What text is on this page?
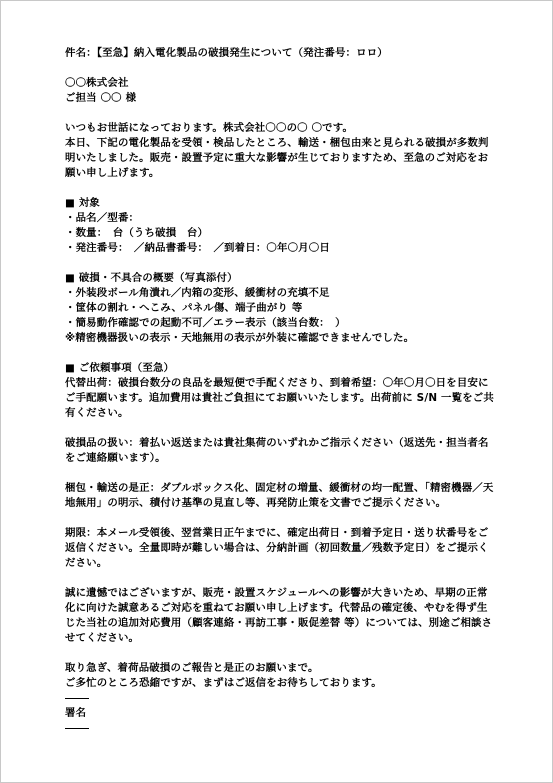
件名：【至急】納入電化製品の破損発生について（発注番号：ロロ）
〇〇株式会社
ご担当 〇〇 様
いつもお世話になっております。株式会社〇〇の〇 〇です。

本日、下記の電化製品を受領・検品したところ、輸送・梱包由来と見られる破損が多数判明いたしました。販売・設置予定に重大な影響が生じておりますため、至急のご対応をお願い申し上げます。

■ 対象
・品名／型番：
・数量：　台（うち破損　台）
・発注番号：　／納品書番号：　／到着日：〇年〇月〇日
■ 破損・不具合の概要（写真添付）
・外装段ボール角潰れ／内箱の変形、緩衝材の充填不足
・筐体の割れ・へこみ、パネル傷、端子曲がり 等
・簡易動作確認での起動不可／エラー表示（該当台数：　）
※精密機器扱いの表示・天地無用の表示が外装に確認できませんでした。
■ ご依頼事項（至急）

代替出荷：破損台数分の良品を最短便で手配くださり、到着希望：〇年〇月〇日を目安にご手配願います。追加費用は貴社ご負担にてお願いいたします。出荷前に S/N 一覧をご共有ください。

破損品の扱い：着払い返送または貴社集荷のいずれかご指示ください（返送先・担当者名をご連絡願います）。

梱包・輸送の是正：ダブルボックス化、固定材の増量、緩衝材の均一配置、「精密機器／天地無用」の明示、積付け基準の見直し等、再発防止策を文書でご提示ください。

期限：本メール受領後、翌営業日正午までに、確定出荷日・到着予定日・送り状番号をご返信ください。全量即時が難しい場合は、分納計画（初回数量／残数予定日）をご提示ください。

誠に遺憾ではございますが、販売・設置スケジュールへの影響が大きいため、早期の正常化に向けた誠意あるご対応を重ねてお願い申し上げます。代替品の確定後、やむを得ず生じた当社の追加対応費用（顧客連絡・再訪工事・販促差替 等）については、別途ご相談させてください。

取り急ぎ、着荷品破損のご報告と是正のお願いまで。
ご多忙のところ恐縮ですが、まずはご返信をお待ちしております。
署名
